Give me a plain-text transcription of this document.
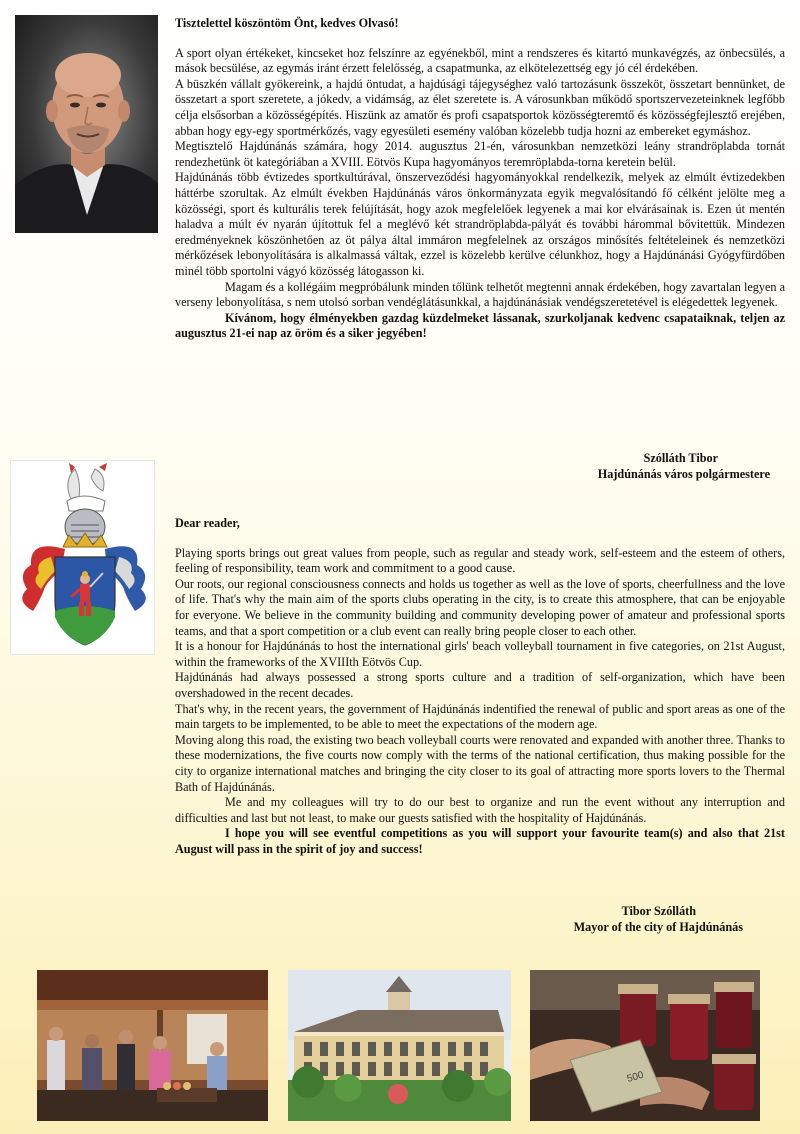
Tisztelettel köszöntöm Önt, kedves Olvasó!

A sport olyan értékeket, kincseket hoz felszínre az egyénekből, mint a rendszeres és kitartó munkavégzés, az önbecsülés, a mások becsülése, az egymás iránt érzett felelősség, a csapatmunka, az elkötelezettség egy jó cél érdekében.

A büszkén vállalt gyökereink, a hajdú öntudat, a hajdúsági tájegységhez való tartozásunk összeköt, összetart bennünket, de összetart a sport szeretete, a jókedv, a vidámság, az élet szeretete is. A városunkban működő sportszervezeteinknek legfőbb célja elsősorban a közösségépítés. Hiszünk az amatőr és profi csapatsportok közösségteremtő és közösségfejlesztő erejében, abban hogy egy-egy sportmérkőzés, vagy egyesületi esemény valóban közelebb tudja hozni az embereket egymáshoz.

Megtisztelő Hajdúnánás számára, hogy 2014. augusztus 21-én, városunkban nemzetközi leány strandröplabda tornát rendezhetünk öt kategóriában a XVIII. Eötvös Kupa hagyományos teremröplabda-torna keretein belül.

Hajdúnánás több évtizedes sportkultúrával, önszerveződési hagyományokkal rendelkezik, melyek az elmúlt évtizedekben háttérbe szorultak. Az elmúlt években Hajdúnánás város önkormányzata egyik megvalósítandó fő célként jelölte meg a közösségi, sport és kulturális terek felújítását, hogy azok megfelelőek legyenek a mai kor elvárásainak is. Ezen út mentén haladva a múlt év nyarán újítottuk fel a meglévő két strandröplabda-pályát és további hárommal bővitettük. Mindezen eredményeknek köszönhetően az öt pálya által immáron megfelelnek az országos minősítés feltételeinek és nemzetközi mérkőzések lebonyolítására is alkalmassá váltak, ezzel is közelebb kerülve célunkhoz, hogy a Hajdúnánási Gyógyfürdőben minél több sportolni vágyó közösség látogasson ki.

Magam és a kollégáim megpróbálunk minden tőlünk telhetőt megtenni annak érdekében, hogy zavartalan legyen a verseny lebonyolítása, s nem utolsó sorban vendéglátásunkkal, a hajdúnánásiak vendégszeretetével is elégedettek legyenek.

Kívánom, hogy élményekben gazdag küzdelmeket lássanak, szurkoljanak kedvenc csapataiknak, teljen az augusztus 21-ei nap az öröm és a siker jegyében!

Szólláth Tibor
Hajdúnánás város polgármestere

Dear reader,

Playing sports brings out great values from people, such as regular and steady work, self-esteem and the esteem of others, feeling of responsibility, team work and commitment to a good cause.

Our roots, our regional consciousness connects and holds us together as well as the love of sports, cheerfullness and the love of life. That's why the main aim of the sports clubs operating in the city, is to create this atmosphere, that can be enjoyable for everyone. We believe in the community building and community developing power of amateur and professional sports teams, and that a sport competition or a club event can really bring people closer to each other.

It is a honour for Hajdúnánás to host the international girls' beach volleyball tournament in five categories, on 21st August, within the frameworks of the XVIIIth Eötvös Cup.

Hajdúnánás had always possessed a strong sports culture and a tradition of self-organization, which have been overshadowed in the recent decades.

That's why, in the recent years, the government of Hajdúnánás indentified the renewal of public and sport areas as one of the main targets to be implemented, to be able to meet the expectations of the modern age.

Moving along this road, the existing two beach volleyball courts were renovated and expanded with another three. Thanks to these modernizations, the five courts now comply with the terms of the national certification, thus making possible for the city to organize international matches and bringing the city closer to its goal of attracting more sports lovers to the Thermal Bath of Hajdúnánás.

Me and my colleagues will try to do our best to organize and run the event without any interruption and difficulties and last but not least, to make our guests satisfied with the hospitality of Hajdúnánás.

I hope you will see eventful competitions as you will support your favourite team(s) and also that 21st August will pass in the spirit of joy and success!

Tibor Szólláth
Mayor of the city of Hajdúnánás
500
